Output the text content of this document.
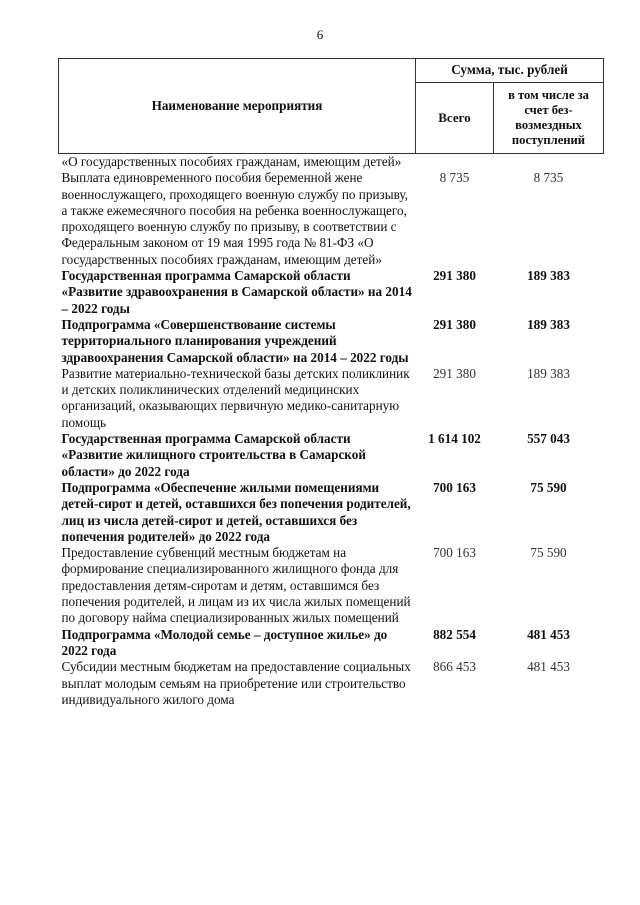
6
Наименование мероприятия	Сумма, тыс. рублей	
	Всего	в том числе за счет без-возмездных поступлений
«О государственных пособиях гражданам, имеющим детей»		
Выплата единовременного пособия беременной жене военнослужащего, проходящего военную службу по призыву, а также ежемесячного пособия на ребенка военнослужащего, проходящего военную службу по призыву, в соответствии с Федеральным законом от 19 мая 1995 года № 81-ФЗ «О государственных пособиях гражданам, имеющим детей»	8 735	8 735
Государственная программа Самарской области «Развитие здравоохранения в Самарской области» на 2014 – 2022 годы	291 380	189 383
Подпрограмма «Совершенствование системы территориального планирования учреждений здравоохранения Самарской области» на 2014 – 2022 годы	291 380	189 383
Развитие материально-технической базы детских поликлиник и детских поликлинических отделений медицинских организаций, оказывающих первичную медико-санитарную помощь	291 380	189 383
Государственная программа Самарской области «Развитие жилищного строительства в Самарской области» до 2022 года	1 614 102	557 043
Подпрограмма «Обеспечение жилыми помещениями детей-сирот и детей, оставшихся без попечения родителей, лиц из числа детей-сирот и детей, оставшихся без попечения родителей» до 2022 года	700 163	75 590
Предоставление субвенций местным бюджетам на формирование специализированного жилищного фонда для предоставления детям-сиротам и детям, оставшимся без попечения родителей, и лицам из их числа жилых помещений по договору найма специализированных жилых помещений	700 163	75 590
Подпрограмма «Молодой семье – доступное жилье» до 2022 года	882 554	481 453
Субсидии местным бюджетам на предоставление социальных выплат молодым семьям на приобретение или строительство индивидуального жилого дома	866 453	481 453
